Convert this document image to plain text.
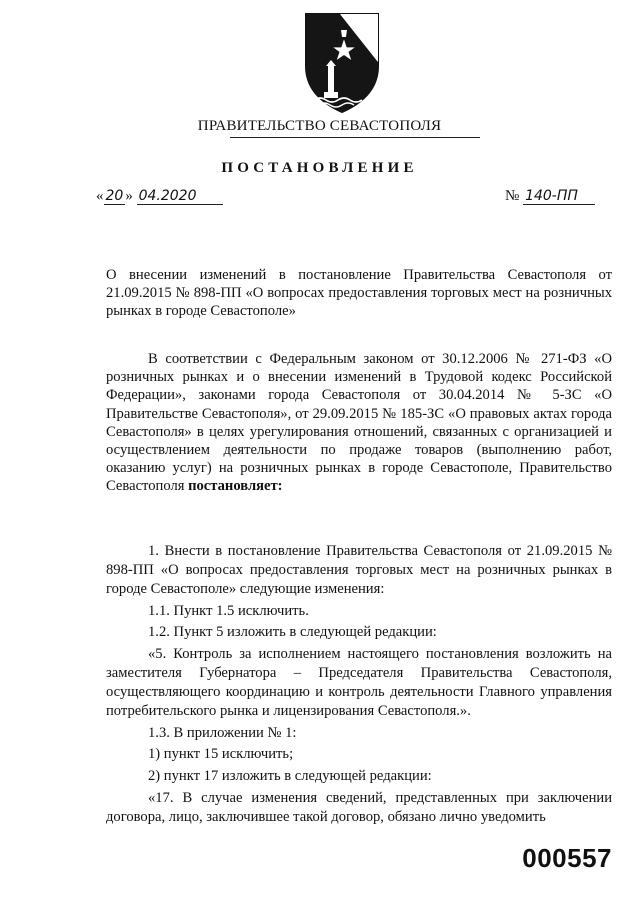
ПРАВИТЕЛЬСТВО СЕВАСТОПОЛЯ
ПОСТАНОВЛЕНИЕ
« 20 » 04.2020	№ 140-ПП
О внесении изменений в постановление Правительства Севастополя от 21.09.2015 № 898-ПП «О вопросах предоставления торговых мест на розничных рынках в городе Севастополе»

В соответствии с Федеральным законом от 30.12.2006 № 271-ФЗ «О розничных рынках и о внесении изменений в Трудовой кодекс Российской Федерации», законами города Севастополя от 30.04.2014 № 5-ЗС «О Правительстве Севастополя», от 29.09.2015 № 185-ЗС «О правовых актах города Севастополя» в целях урегулирования отношений, связанных с организацией и осуществлением деятельности по продаже товаров (выполнению работ, оказанию услуг) на розничных рынках в городе Севастополе, Правительство Севастополя постановляет:

1. Внести в постановление Правительства Севастополя от 21.09.2015 № 898-ПП «О вопросах предоставления торговых мест на розничных рынках в городе Севастополе» следующие изменения:

1.1. Пункт 1.5 исключить.

1.2. Пункт 5 изложить в следующей редакции:

«5. Контроль за исполнением настоящего постановления возложить на заместителя Губернатора – Председателя Правительства Севастополя, осуществляющего координацию и контроль деятельности Главного управления потребительского рынка и лицензирования Севастополя.».

1.3. В приложении № 1:

1) пункт 15 исключить;

2) пункт 17 изложить в следующей редакции:

«17. В случае изменения сведений, представленных при заключении договора, лицо, заключившее такой договор, обязано лично уведомить

000557
